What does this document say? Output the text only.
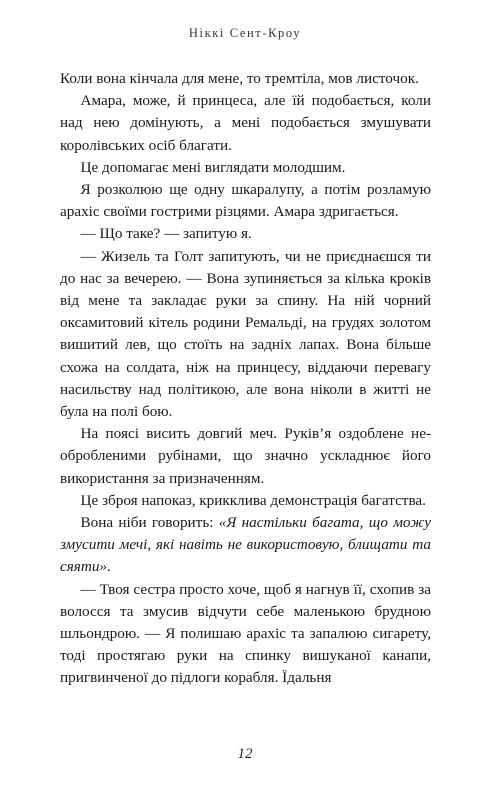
Ніккі Сент-Кроу

Коли вона кінчала для мене, то тремтіла, мов листочок.

Амара, може, й принцеса, але їй подобається, коли над нею домінують, а мені подобається змушувати королівських осіб благати.

Це допомагає мені виглядати молодшим.

Я розколюю ще одну шкаралупу, а потім розламую арахіс своїми гострими різцями. Амара здригається.

— Що таке? — запитую я.

— Жизель та Голт запитують, чи не приєднаєшся ти до нас за вечерею. — Вона зупиняється за кілька кроків від мене та закладає руки за спину. На ній чорний оксамитовий кітель родини Ремальді, на грудях золотом вишитий лев, що стоїть на задніх лапах. Вона більше схожа на солдата, ніж на принцесу, віддаючи перевагу насильству над політикою, але вона ніколи в житті не була на полі бою.

На поясі висить довгий меч. Руків’я оздоблене необробленими рубінами, що значно ускладнює його використання за призначенням.

Це зброя напоказ, крикклива демонстрація багатства.

Вона ніби говорить: «Я настільки багата, що можу змусити мечі, які навіть не використовую, блищати та сяяти».

— Твоя сестра просто хоче, щоб я нагнув її, схопив за волосся та змусив відчути себе маленькою брудною шльондрою. — Я полишаю арахіс та запалюю сигарету, тоді простягаю руки на спинку вишуканої канапи, пригвинченої до підлоги корабля. Їдальня

12
